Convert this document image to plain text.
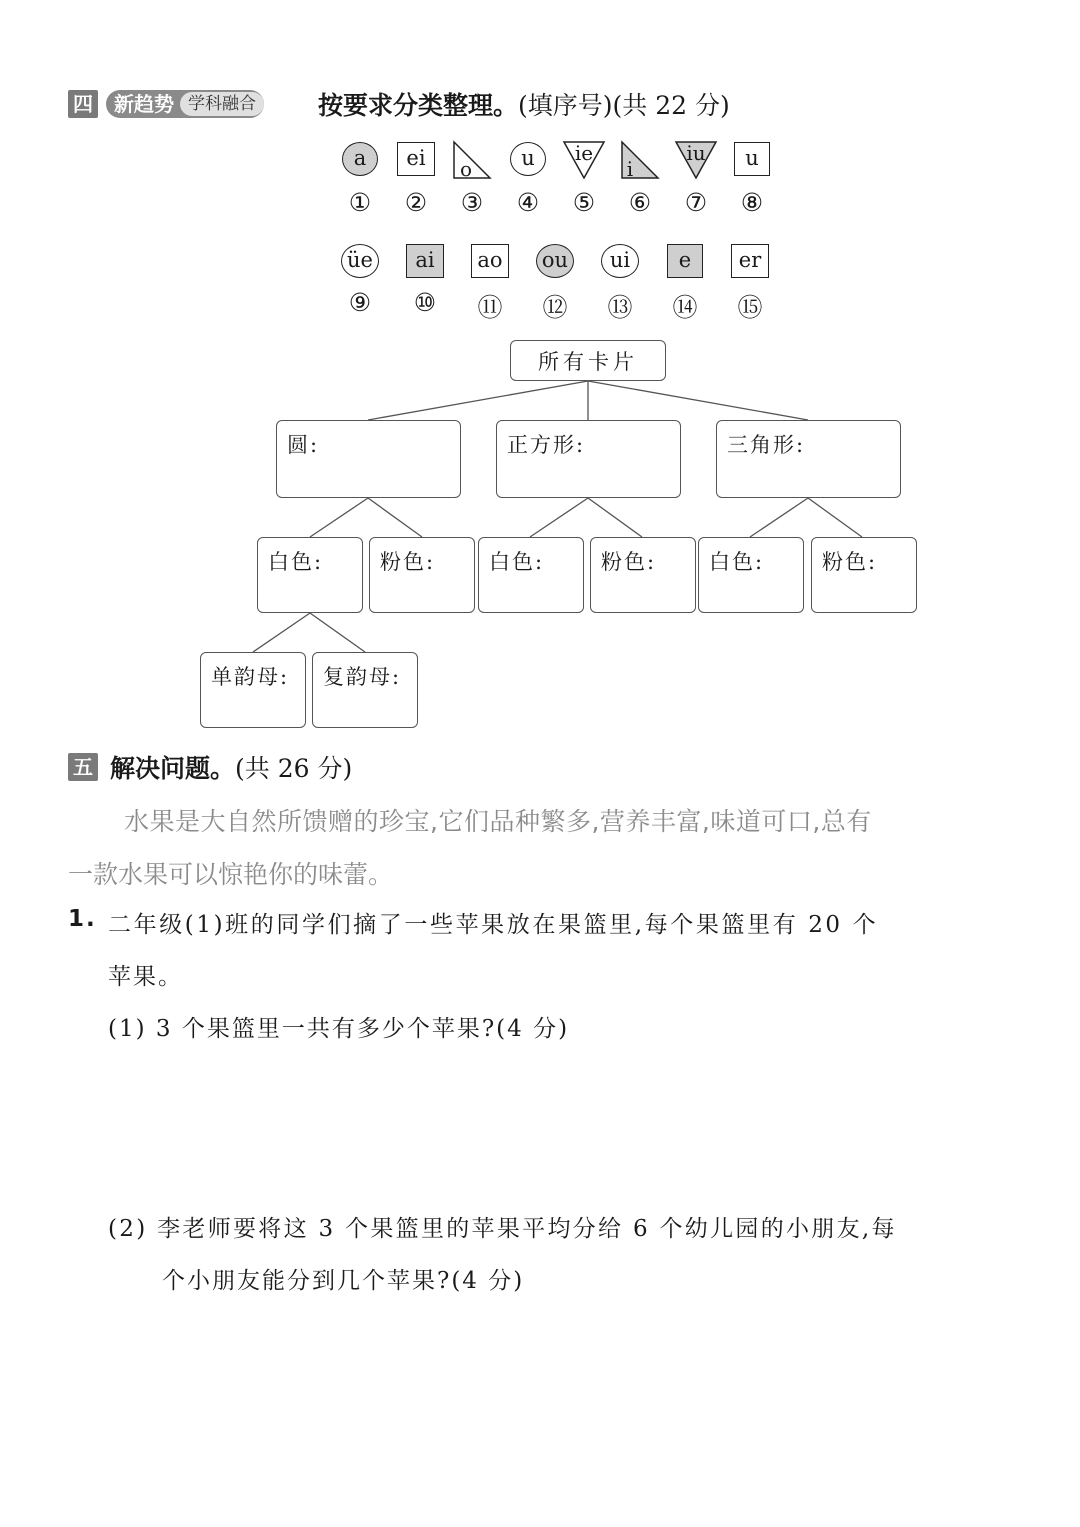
四	新趋势 学科融合	按要求分类整理。(填序号)(共 22 分)
a
①
ei
②
o
③
u
④
ie
⑤
i
⑥
iu
⑦
u
⑧
üe
⑨
ai
⑩
ao
⑪
ou
⑫
ui
⑬
e
⑭
er
⑮
所有卡片
圆:	正方形:	三角形:
白色:	粉色:	白色:	粉色:	白色:	粉色:
单韵母:	复韵母:
五 解决问题。(共 26 分)
水果是大自然所馈赠的珍宝,它们品种繁多,营养丰富,味道可口,总有
一款水果可以惊艳你的味蕾。
1. 二年级(1)班的同学们摘了一些苹果放在果篮里,每个果篮里有 20 个
苹果。
(1) 3 个果篮里一共有多少个苹果?(4 分)
(2) 李老师要将这 3 个果篮里的苹果平均分给 6 个幼儿园的小朋友,每
个小朋友能分到几个苹果?(4 分)
